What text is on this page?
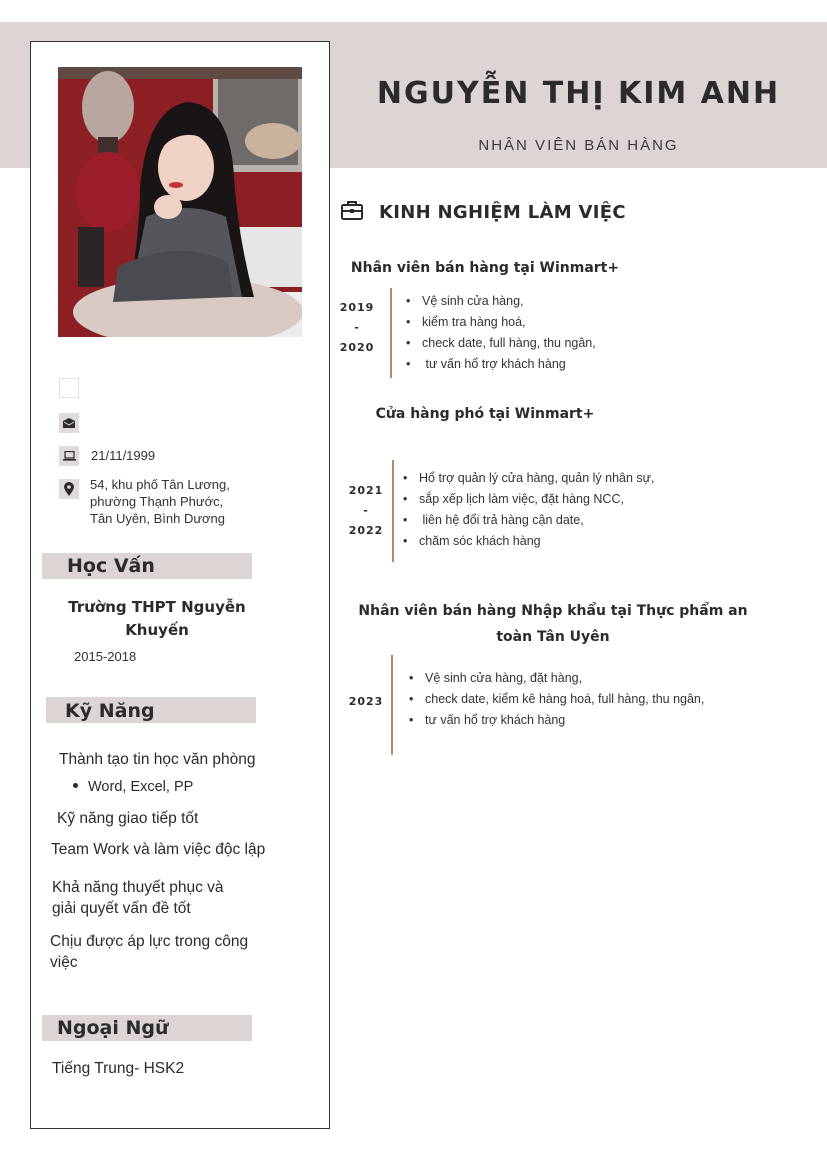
NGUYỄN THỊ KIM ANH
NHÂN VIÊN BÁN HÀNG
21/11/1999
54, khu phố Tân Lương,
phường Thạnh Phước,
Tân Uyên, Bình Dương
Học Vấn
Trường THPT Nguyễn
Khuyến
2015-2018
Kỹ Năng
Thành tạo tin học văn phòng
Word, Excel, PP
Kỹ năng giao tiếp tốt
Team Work và làm việc độc lập
Khả năng thuyết phục và
giải quyết vấn đề tốt
Chịu được áp lực trong công
việc
Ngoại Ngữ
Tiếng Trung- HSK2
KINH NGHIỆM LÀM VIỆC
Nhân viên bán hàng tại Winmart+
2019
-
2020
• Vệ sinh cửa hàng,
• kiểm tra hàng hoá,
• check date, full hàng, thu ngân,
• tư vấn hổ trợ khách hàng
Cửa hàng phó tại Winmart+
2021
-
2022
• Hổ trợ quản lý cửa hàng, quản lý nhân sự,
• sắp xếp lịch làm việc, đặt hàng NCC,
• liên hệ đổi trả hàng cận date,
• chăm sóc khách hàng
Nhân viên bán hàng Nhập khẩu tại Thực phẩm an
toàn Tân Uyên
2023
• Vệ sinh cửa hàng, đặt hàng,
• check date, kiểm kê hàng hoá, full hàng, thu ngân,
• tư vấn hổ trợ khách hàng
